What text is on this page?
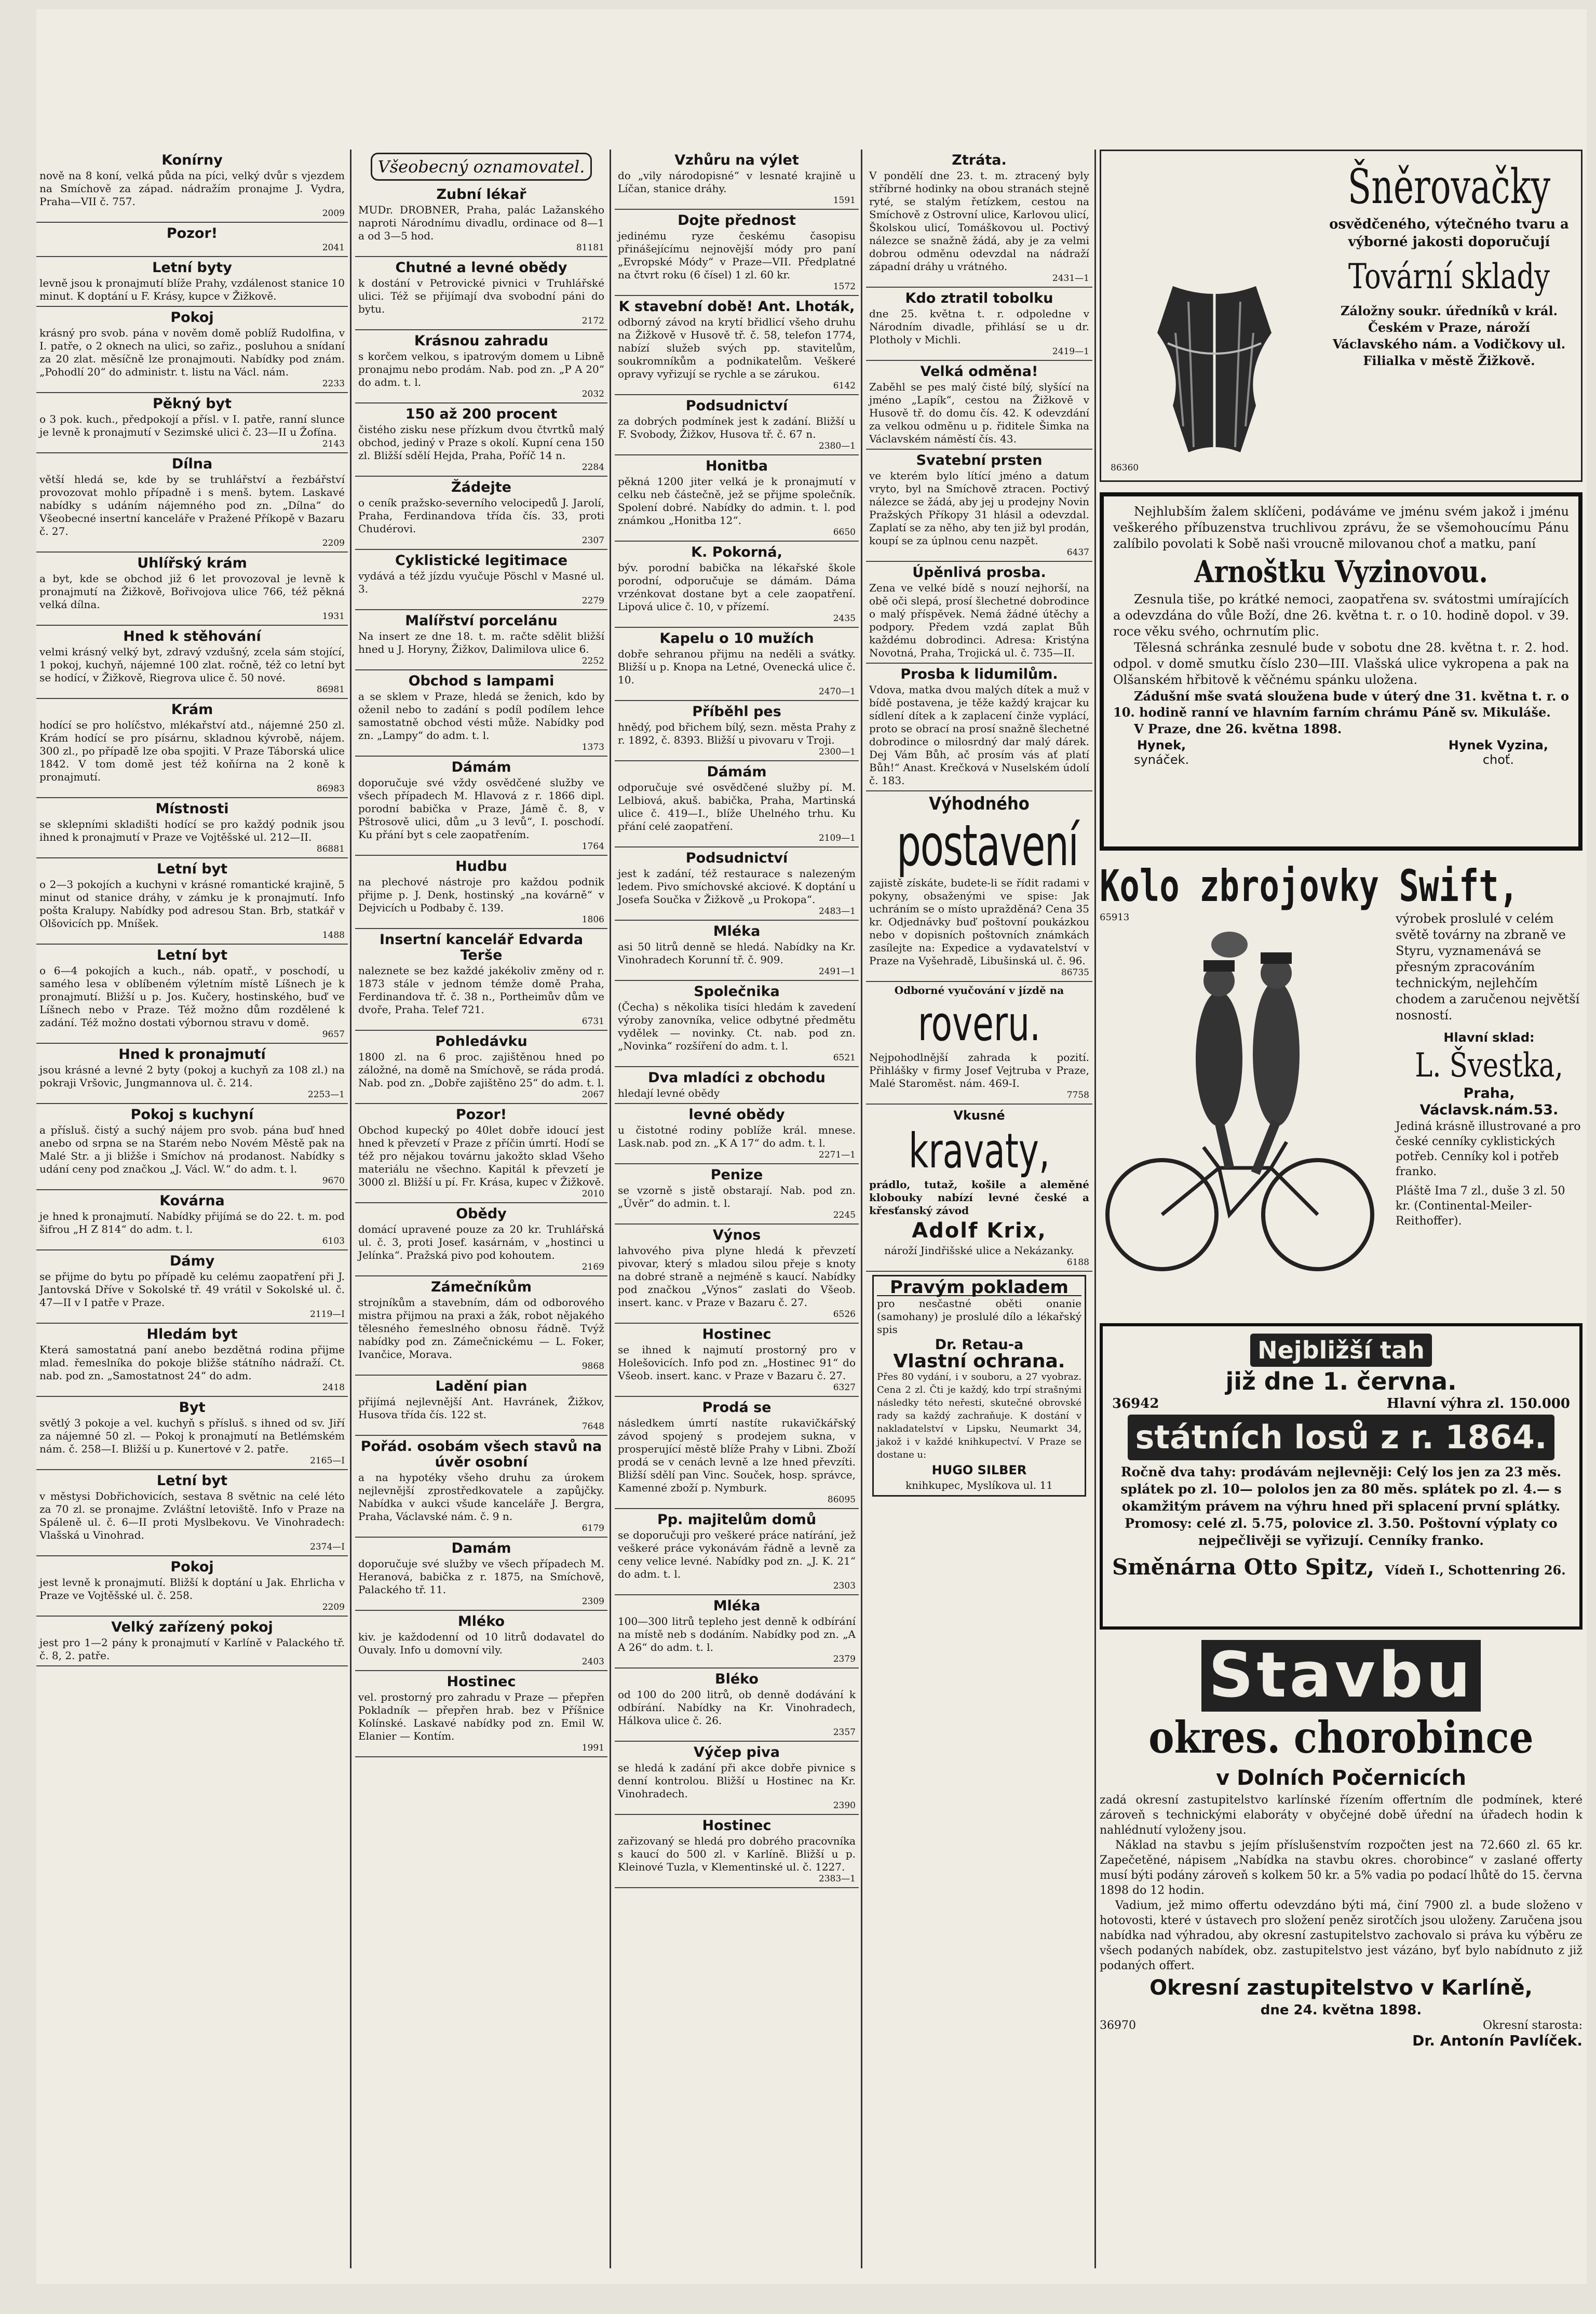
Konírny

nově na 8 koní, velká půda na píci, velký dvůr s vjezdem na Smíchově za západ. nádražím pronajme J. Vydra, Praha—VII č. 757.

2009

Pozor!

2041

Letní byty

levně jsou k pronajmutí blíže Prahy, vzdálenost stanice 10 minut. K doptání u F. Krásy, kupce v Žižkově.

Pokoj

krásný pro svob. pána v nověm domě poblíž Rudolfina, v I. patře, o 2 oknech na ulici, so zařiz., posluhou a snídaní za 20 zlat. měsíčně lze pronajmouti. Nabídky pod znám. „Pohodlí 20“ do administr. t. listu na Václ. nám.

2233

Pěkný byt

o 3 pok. kuch., předpokojí a přísl. v I. patře, ranní slunce je levně k pronajmutí v Sezimské ulici č. 23—II u Žofína.

2143

Dílna

větší hledá se, kde by se truhlářství a řezbářství provozovat mohlo případně i s menš. bytem. Laskavé nabídky s udáním nájemného pod zn. „Dílna“ do Všeobecné insertní kanceláře v Pražené Příkopě v Bazaru č. 27.

2209

Uhlířský krám

a byt, kde se obchod již 6 let provozoval je levně k pronajmutí na Žižkově, Bořivojova ulice 766, též pěkná velká dílna.

1931

Hned k stěhování

velmi krásný velký byt, zdravý vzdušný, zcela sám stojící, 1 pokoj, kuchyň, nájemné 100 zlat. ročně, též co letní byt se hodící, v Žižkově, Riegrova ulice č. 50 nové.

86981

Krám

hodící se pro holíčstvo, mlékařství atd., nájemné 250 zl. Krám hodící se pro písárnu, skladnou kývrobě, nájem. 300 zl., po případě lze oba spojiti. V Praze Táborská ulice 1842. V tom domě jest též koňírna na 2 koně k pronajmutí.

86983

Místnosti

se sklepními skladišti hodící se pro každý podnik jsou ihned k pronajmutí v Praze ve Vojtěšské ul. 212—II.

86881

Letní byt

o 2—3 pokojích a kuchyni v krásné romantické krajině, 5 minut od stanice dráhy, v zámku je k pronajmutí. Info pošta Kralupy. Nabídky pod adresou Stan. Brb, statkář v Olšovicích pp. Mníšek.

1488

Letní byt

o 6—4 pokojích a kuch., náb. opatř., v poschodí, u samého lesa v oblíbeném výletním místě Líšnech je k pronajmutí. Bližší u p. Jos. Kučery, hostinského, buď ve Líšnech nebo v Praze. Též možno dům rozdělené k zadání. Též možno dostati výbornou stravu v domě.

9657

Hned k pronajmutí

jsou krásné a levné 2 byty (pokoj a kuchyň za 108 zl.) na pokraji Vršovic, Jungmannova ul. č. 214.

2253—1

Pokoj s kuchyní

a přísluš. čistý a suchý nájem pro svob. pána buď hned anebo od srpna se na Starém nebo Novém Městě pak na Malé Str. a ji bližše i Smíchov ná prodanost. Nabídky s udání ceny pod značkou „J. Václ. W.“ do adm. t. l.

9670

Kovárna

je hned k pronajmutí. Nabídky přijímá se do 22. t. m. pod šifrou „H Z 814“ do adm. t. l.

6103

Dámy

se přijme do bytu po případě ku celému zaopatření při J. Jantovská Dříve v Sokolské tř. 49 vrátil v Sokolské ul. č. 47—II v I patře v Praze.

2119—I

Hledám byt

Která samostatná paní anebo bezdětná rodina přijme mlad. řemeslníka do pokoje bližše státního nádraží. Ct. nab. pod zn. „Samostatnost 24“ do adm.

2418

Byt

světlý 3 pokoje a vel. kuchyň s přísluš. s ihned od sv. Jiří za nájemné 50 zl. — Pokoj k pronajmutí na Betlémském nám. č. 258—I. Bližší u p. Kunertové v 2. patře.

2165—I

Letní byt

v městysi Dobřichovicích, sestava 8 světnic na celé léto za 70 zl. se pronajme. Zvláštní letoviště. Info v Praze na Spáleně ul. č. 6—II proti Myslbekovu. Ve Vinohradech: Vlašská u Vinohrad.

2374—I

Pokoj

jest levně k pronajmutí. Bližší k doptání u Jak. Ehrlicha v Praze ve Vojtěšské ul. č. 258.

2209

Velký zařízený pokoj

jest pro 1—2 pány k pronajmutí v Karlíně v Palackého tř. č. 8, 2. patře.

Všeobecný oznamovatel.
Zubní lékař

MUDr. DROBNER, Praha, palác Lažanského naproti Národnímu divadlu, ordinace od 8—1 a od 3—5 hod.

81181

Chutné a levné obědy

k dostání v Petrovické pivnici v Truhlářské ulici. Též se přijímají dva svobodní páni do bytu.

2172

Krásnou zahradu

s korčem velkou, s ipatrovým domem u Libně pronajmu nebo prodám. Nab. pod zn. „P A 20“ do adm. t. l.

2032

150 až 200 procent

čistého zisku nese přízkum dvou čtvrtků malý obchod, jediný v Praze s okolí. Kupní cena 150 zl. Bližší sdělí Hejda, Praha, Poříč 14 n.

2284

Žádejte

o ceník pražsko-severního velocipedů J. Jarolí, Praha, Ferdinandova třída čís. 33, proti Chudérovi.

2307

Cyklistické legitimace

vydává a též jízdu vyučuje Pöschl v Masné ul. 3.

2279

Malířství porcelánu

Na insert ze dne 18. t. m. račte sdělit bližší hned u J. Horyny, Žižkov, Dalimilova ulice 6.

2252

Obchod s lampami

a se sklem v Praze, hledá se ženich, kdo by oženil nebo to zadání s podíl podílem lehce samostatně obchod vésti může. Nabídky pod zn. „Lampy“ do adm. t. l.

1373

Dámám

doporučuje své vždy osvědčené služby ve všech případech M. Hlavová z r. 1866 dipl. porodní babička v Praze, Jámě č. 8, v Pštrosově ulici, dům „u 3 levů“, I. poschodí. Ku přání byt s cele zaopatřením.

1764

Hudbu

na plechové nástroje pro každou podnik přijme p. J. Denk, hostinský „na kovárně“ v Dejvicích u Podbaby č. 139.

1806

Insertní kancelář Edvarda Terše

naleznete se bez každé jakékoliv změny od r. 1873 stále v jednom témže domě Praha, Ferdinandova tř. č. 38 n., Portheimův dům ve dvoře, Praha. Telef 721.

6731

Pohledávku

1800 zl. na 6 proc. zajištěnou hned po záložné, na domě na Smíchově, se ráda prodá. Nab. pod zn. „Dobře zajištěno 25“ do adm. t. l.

2067

Pozor!

Obchod kupecký po 40let dobře idoucí jest hned k převzetí v Praze z příčin úmrtí. Hodí se též pro nějakou továrnu jakožto sklad Všeho materiálu ne všechno. Kapitál k převzetí je 3000 zl. Bližší u pí. Fr. Krása, kupec v Žižkově.

2010

Obědy

domácí upravené pouze za 20 kr. Truhlářská ul. č. 3, proti Josef. kasárnám, v „hostinci u Jelínka“. Pražská pivo pod kohoutem.

2169

Zámečníkům

strojníkům a stavebním, dám od odborového mistra přijmou na praxi a žák, robot nějakého tělesného řemeslného obnosu řádně. Tvýž nabídky pod zn. Zámečnickému — L. Foker, Ivančice, Morava.

9868

Ladění pian

přijímá nejlevnější Ant. Havránek, Žižkov, Husova třída čís. 122 st.

7648

Pořád. osobám všech stavů na úvěr osobní

a na hypotéky všeho druhu za úrokem nejlevnější zprostředkovatele a zapůjčky. Nabídka v aukci všude kanceláře J. Bergra, Praha, Václavské nám. č. 9 n.

6179

Damám

doporučuje své služby ve všech případech M. Heranová, babička z r. 1875, na Smíchově, Palackého tř. 11.

2309

Mléko

kiv. je každodenní od 10 litrů dodavatel do Ouvaly. Info u domovní vily.

2403

Hostinec

vel. prostorný pro zahradu v Praze — přepřen Pokladník — přepřen hrab. bez v Příšnice Kolínské. Laskavé nabídky pod zn. Emil W. Elanier — Kontím.

1991

Vzhůru na výlet

do „vily národopisné“ v lesnaté krajině u Líčan, stanice dráhy.

1591

Dojte přednost

jedinému ryze českému časopisu přinášejícímu nejnovější módy pro paní „Evropské Módy“ v Praze—VII. Předplatné na čtvrt roku (6 čísel) 1 zl. 60 kr.

1572

K stavební době! Ant. Lhoták,

odborný závod na krytí břidlicí všeho druhu na Žižkově v Husově tř. č. 58, telefon 1774, nabízí služeb svých pp. stavitelům, soukromníkům a podnikatelům. Veškeré opravy vyřizují se rychle a se zárukou.

6142

Podsudnictví

za dobrých podmínek jest k zadání. Bližší u F. Svobody, Žižkov, Husova tř. č. 67 n.

2380—1

Honitba

pěkná 1200 jiter velká je k pronajmutí v celku neb částečně, jež se přijme společník. Spolení dobré. Nabídky do admin. t. l. pod známkou „Honitba 12“.

6650

K. Pokorná,

býv. porodní babička na lékařské škole porodní, odporučuje se dámám. Dáma vrzénkovat dostane byt a cele zaopatření. Lipová ulice č. 10, v přízemí.

2435

Kapelu o 10 mužích

dobře sehranou přijmu na neděli a svátky. Bližší u p. Knopa na Letné, Ovenecká ulice č. 10.

2470—1

Příběhl pes

hnědý, pod břichem bílý, sezn. města Prahy z r. 1892, č. 8393. Bližší u pivovaru v Troji.

2300—1

Dámám

odporučuje své osvědčené služby pí. M. Lelbiová, akuš. babička, Praha, Martinská ulice č. 419—I., blíže Uhelného trhu. Ku přání celé zaopatření.

2109—1

Podsudnictví

jest k zadání, též restaurace s nalezeným ledem. Pivo smíchovské akciové. K doptání u Josefa Součka v Žižkově „u Prokopa“.

2483—1

Mléka

asi 50 litrů denně se hledá. Nabídky na Kr. Vinohradech Korunní tř. č. 909.

2491—1

Společnika

(Čecha) s několika tisíci hledám k zavedení výroby zanovníka, velice odbytné předmětu vydělek — novinky. Ct. nab. pod zn. „Novinka“ rozšíření do adm. t. l.

6521

Dva mladíci z obchodu

hledají levné obědy

levné obědy

u čistotné rodiny poblíže král. mnese. Lask.nab. pod zn. „K A 17“ do adm. t. l.

2271—1

Penize

se vzorně s jistě obstarají. Nab. pod zn. „Úvěr“ do admin. t. l.

2245

Výnos

lahvového piva plyne hledá k převzetí pivovar, který s mladou silou přeje s knoty na dobré straně a nejméně s kaucí. Nabídky pod značkou „Výnos“ zaslati do Všeob. insert. kanc. v Praze v Bazaru č. 27.

6526

Hostinec

se ihned k najmutí prostorný pro v Holešovicích. Info pod zn. „Hostinec 91“ do Všeob. insert. kanc. v Praze v Bazaru č. 27.

6327

Prodá se

následkem úmrtí nastíte rukavičkářský závod spojený s prodejem sukna, v prosperující městě blíže Prahy v Libni. Zboží prodá se v cenách levně a lze hned převzíti. Bližší sdělí pan Vinc. Souček, hosp. správce, Kamenné zboží p. Nymburk.

86095

Pp. majitelům domů

se doporučuji pro veškeré práce natírání, jež veškeré práce vykonávám řádně a levně za ceny velice levné. Nabídky pod zn. „J. K. 21“ do adm. t. l.

2303

Mléka

100—300 litrů tepleho jest denně k odbírání na místě neb s dodáním. Nabídky pod zn. „A A 26“ do adm. t. l.

2379

Bléko

od 100 do 200 litrů, ob denně dodávání k odbírání. Nabídky na Kr. Vinohradech, Hálkova ulice č. 26.

2357

Výčep piva

se hledá k zadání při akce dobře pivnice s denní kontrolou. Bližší u Hostinec na Kr. Vinohradech.

2390

Hostinec

zařizovaný se hledá pro dobrého pracovníka s kaucí do 500 zl. v Karlíně. Bližší u p. Kleinové Tuzla, v Klementinské ul. č. 1227.

2383—1

Ztráta.

V pondělí dne 23. t. m. ztracený byly stříbrné hodinky na obou stranách stejně ryté, se stalým řetízkem, cestou na Smíchově z Ostrovní ulice, Karlovou ulicí, Školskou ulicí, Tomáškovou ul. Poctivý nálezce se snažně žádá, aby je za velmi dobrou odměnu odevzdal na nádraží západní dráhy u vrátného.

2431—1

Kdo ztratil tobolku

dne 25. května t. r. odpoledne v Národním divadle, přihlásí se u dr. Plotholy v Michli.

2419—1

Velká odměna!

Zaběhl se pes malý čisté bílý, slyšící na jméno „Lapík“, cestou na Žižkově v Husově tř. do domu čís. 42. K odevzdání za velkou odměnu u p. řiditele Šimka na Václavském náměstí čís. 43.

Svatební prsten

ve kterém bylo lítící jméno a datum vryto, byl na Smíchově ztracen. Poctivý nálezce se žádá, aby jej u prodejny Novin Pražských Příkopy 31 hlásil a odevzdal. Zaplatí se za něho, aby ten již byl prodán, koupí se za úplnou cenu nazpět.

6437

Úpěnlivá prosba.

Zena ve velké bídě s nouzí nejhorší, na obě oči slepá, prosí šlechetné dobrodince o malý příspěvek. Nemá žádné útěchy a podpory. Předem vzdá zaplat Bůh každému dobrodinci. Adresa: Kristýna Novotná, Praha, Trojická ul. č. 735—II.

Prosba k lidumilům.

Vdova, matka dvou malých dítek a muž v bídě postavena, je těže každý krajcar ku sídlení dítek a k zaplacení činže vyplácí, proto se obrací na prosí snažně šlechetné dobrodince o milosrdný dar malý dárek. Dej Vám Bůh, ač prosím vás ať platí Bůh!“ Anast. Krečková v Nuselském údolí č. 183.

Výhodného
postavení

zajistě získáte, budete-li se řídit radami v pokyny, obsaženými ve spise: Jak uchráním se o místo upražděná? Cena 35 kr. Odjednávky buď poštovní poukázkou nebo v dopisních poštovních známkách zasílejte na: Expedice a vydavatelství v Praze na Vyšehradě, Libušinská ul. č. 96.

86735

Odborné vyučování v jízdě na

roveru.

Nejpohodlnější zahrada k pozití. Přihlášky v firmy Josef Vejtruba v Praze, Malé Staroměst. nám. 469-I.

7758

Vkusné
kravaty,

prádlo, tutaž, košile a aleměné klobouky nabízí levné české a křesťanský závod

Adolf Krix,

nároží Jindřišské ulice a Nekázanky.

6188

Pravým pokladem

pro nesčastné oběti onanie (samohany) je proslulé dílo a lékařský spis

Dr. Retau-a
Vlastní ochrana.

Přes 80 vydání, i v souboru, a 27 vyobraz. Cena 2 zl. Čti je každý, kdo trpí strašnými následky této neřesti, skutečné obrovské rady sa každý zachraňuje. K dostání v nakladatelství v Lipsku, Neumarkt 34, jakož i v každé knihkupectví. V Praze se dostane u:

HUGO SILBER

knihkupec, Myslíkova ul. 11

86360

Šněrovačky

osvědčeného, výtečného tvaru a výborné jakosti doporučují

Tovární sklady

Záložny soukr. úředníků v král. Českém v Praze, nároží Václavského nám. a Vodičkovy ul. Filialka v městě Žižkově.

Nejhlubším žalem sklíčeni, podáváme ve jménu svém jakož i jménu veškerého příbuzenstva truchlivou zprávu, že se všemohoucímu Pánu zalíbilo povolati k Sobě naši vroucně milovanou choť a matku, paní

Arnoštku Vyzinovou.

Zesnula tiše, po krátké nemoci, zaopatřena sv. svátostmi umírajících a odevzdána do vůle Boží, dne 26. května t. r. o 10. hodině dopol. v 39. roce věku svého, ochrnutím plic.

Tělesná schránka zesnulé bude v sobotu dne 28. května t. r. 2. hod. odpol. v domě smutku číslo 230—III. Vlašská ulice vykropena a pak na Olšanském hřbitově k věčnému spánku uložena.

Zádušní mše svatá sloužena bude v úterý dne 31. května t. r. o 10. hodině ranní ve hlavním farním chrámu Páně sv. Mikuláše.

V Praze, dne 26. května 1898.

Hynek,
synáček.
Hynek Vyzina,
choť.
Kolo zbrojovky Swift,

65913	výrobek proslulé v celém světě továrny na zbraně ve Styru, vyznamenává se přesným zpracováním technickým, nejlehčím chodem a zaručenou největší nosností.

Hlavní sklad:
L. Švestka,
Praha,
Václavsk.nám.53.

Jediná krásně illustrované a pro české cenníky cyklistických potřeb. Cenníky kol i potřeb franko.

Pláště Ima 7 zl., duše 3 zl. 50 kr. (Continental-Meiler-Reithoffer).

Nejbližší tah
již dne 1. června.
36942	Hlavní výhra zl. 150.000
státních losů z r. 1864.

Ročně dva tahy: prodávám nejlevněji: Celý los jen za 23 měs. splátek po zl. 10— pololos jen za 80 měs. splátek po zl. 4.— s okamžitým právem na výhru hned při splacení první splátky. Promosy: celé zl. 5.75, polovice zl. 3.50. Poštovní výplaty co nejpečlivěji se vyřizují. Cenníky franko.

Směnárna Otto Spitz, Vídeň I., Schottenring 26.
Stavbu
okres. chorobince
v Dolních Počernicích

zadá okresní zastupitelstvo karlínské řízením offertním dle podmínek, které zároveň s technickými elaboráty v obyčejné době úřední na úřadech hodin k nahlédnutí vyloženy jsou.

Náklad na stavbu s jejím příslušenstvím rozpočten jest na 72.660 zl. 65 kr. Zapečetěné, nápisem „Nabídka na stavbu okres. chorobince“ v zaslané offerty musí býti podány zároveň s kolkem 50 kr. a 5% vadia po podací lhůtě do 15. června 1898 do 12 hodin.

Vadium, jež mimo offertu odevzdáno býti má, činí 7900 zl. a bude složeno v hotovosti, které v ústavech pro složení peněz sirotčích jsou uloženy. Zaručena jsou nabídka nad výhradou, aby okresní zastupitelstvo zachovalo si práva ku výběru ze všech podaných nabídek, obz. zastupitelstvo jest vázáno, byť bylo nabídnuto z již podaných offert.

Okresní zastupitelstvo v Karlíně,
dne 24. května 1898.
36970	Okresní starosta:
Dr. Antonín Pavlíček.
